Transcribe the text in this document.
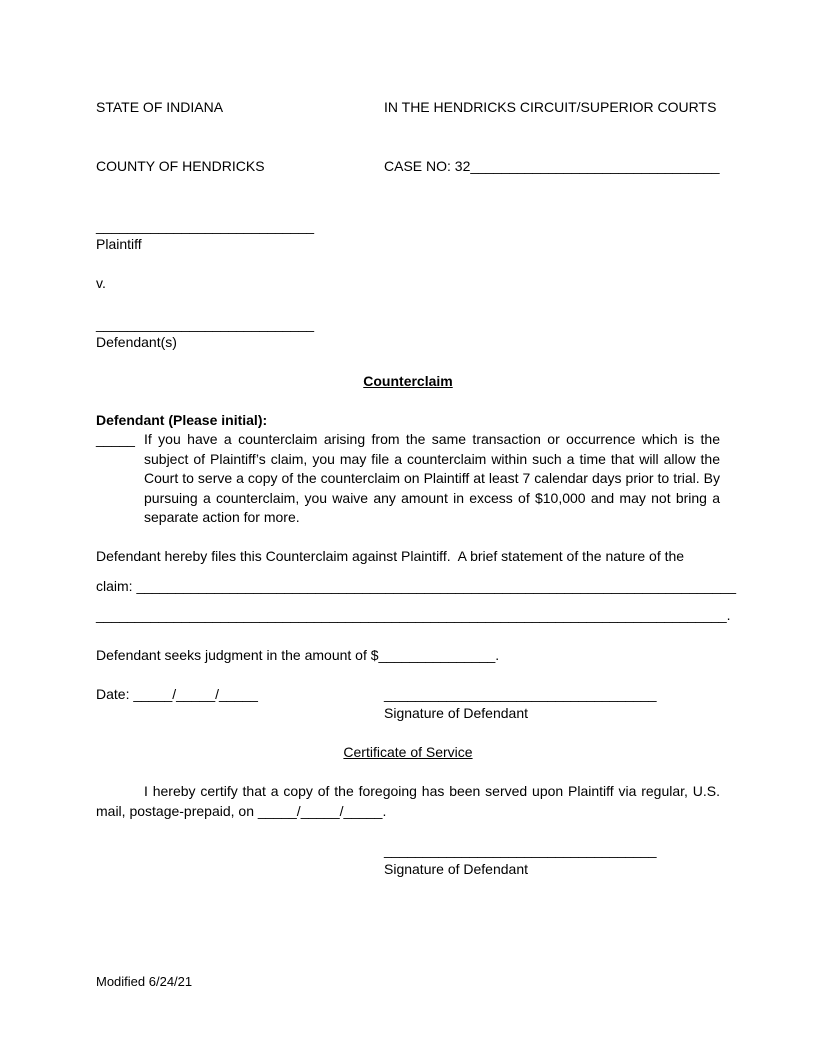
STATE OF INDIANA	IN THE HENDRICKS CIRCUIT/SUPERIOR COURTS
COUNTY OF HENDRICKS	CASE NO: 32________________________________
____________________________
Plaintiff
v.
____________________________
Defendant(s)
Counterclaim
Defendant (Please initial):
_____ If you have a counterclaim arising from the same transaction or occurrence which is the subject of Plaintiff’s claim, you may file a counterclaim within such a time that will allow the Court to serve a copy of the counterclaim on Plaintiff at least 7 calendar days prior to trial. By pursuing a counterclaim, you waive any amount in excess of $10,000 and may not bring a separate action for more.
Defendant hereby files this Counterclaim against Plaintiff.  A brief statement of the nature of the
claim: _____________________________________________________________________________
_________________________________________________________________________________.
Defendant seeks judgment in the amount of $_______________.
Date: _____/_____/_____	___________________________________
Signature of Defendant
Certificate of Service
I hereby certify that a copy of the foregoing has been served upon Plaintiff via regular, U.S. mail, postage-prepaid, on _____/_____/_____.
___________________________________
Signature of Defendant
Modified 6/24/21
